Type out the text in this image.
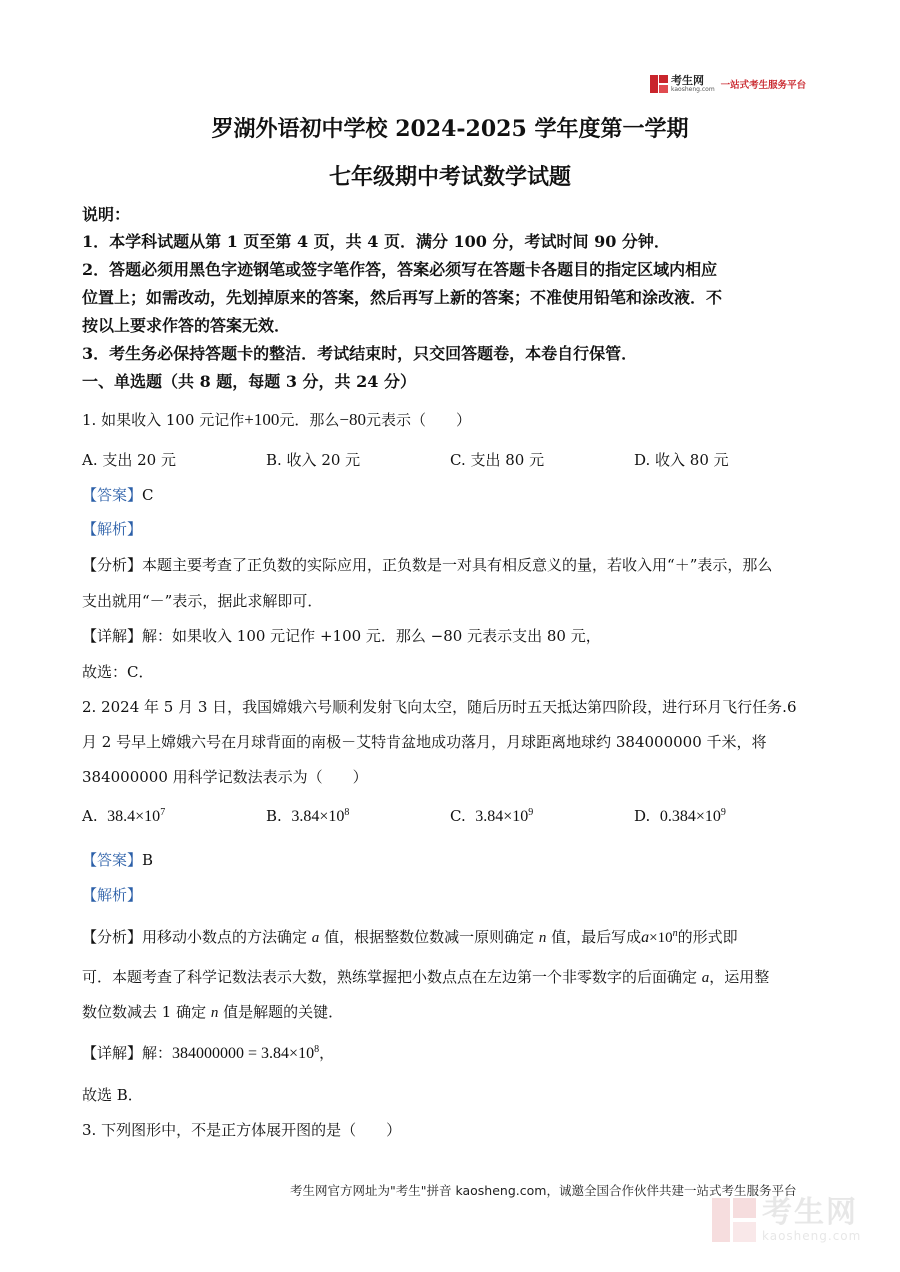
考生网
kaosheng.com 一站式考生服务平台
罗湖外语初中学校 2024-2025 学年度第一学期
七年级期中考试数学试题
说明：
1．本学科试题从第 1 页至第 4 页，共 4 页．满分 100 分，考试时间 90 分钟．
2．答题必须用黑色字迹钢笔或签字笔作答，答案必须写在答题卡各题目的指定区域内相应
位置上；如需改动，先划掉原来的答案，然后再写上新的答案；不准使用铅笔和涂改液．不
按以上要求作答的答案无效．
3．考生务必保持答题卡的整洁．考试结束时，只交回答题卷，本卷自行保管．
一、单选题（共 8 题，每题 3 分，共 24 分）
1. 如果收入 100 元记作+100元．那么−80元表示（　　）
A. 支出 20 元	B. 收入 20 元	C. 支出 80 元	D. 收入 80 元
【答案】C
【解析】
【分析】本题主要考查了正负数的实际应用，正负数是一对具有相反意义的量，若收入用“＋”表示，那么
支出就用“－”表示，据此求解即可．
【详解】解：如果收入 100 元记作 +100 元．那么 −80 元表示支出 80 元，
故选：C．
2. 2024 年 5 月 3 日，我国嫦娥六号顺利发射飞向太空，随后历时五天抵达第四阶段，进行环月飞行任务.6
月 2 号早上嫦娥六号在月球背面的南极－艾特肯盆地成功落月，月球距离地球约 384000000 千米，将
384000000 用科学记数法表示为（　　）
A. $38.4\times 10^7$	B. $3.84\times 10^8$	C. $3.84\times 10^9$	D. $0.384\times 10^9$
【答案】B
【解析】
【分析】用移动小数点的方法确定 a 值，根据整数位数减一原则确定 n 值，最后写成$a\times 10^n$的形式即
可．本题考查了科学记数法表示大数，熟练掌握把小数点点在左边第一个非零数字的后面确定 a，运用整
数位数减去 1 确定 n 值是解题的关键．
【详解】解：$384000000 = 3.84\times 10^8$，
故选 B．
3. 下列图形中，不是正方体展开图的是（　　）
考生网官方网址为"考生"拼音 kaosheng.com，诚邀全国合作伙伴共建一站式考生服务平台
考生网
kaosheng.com
